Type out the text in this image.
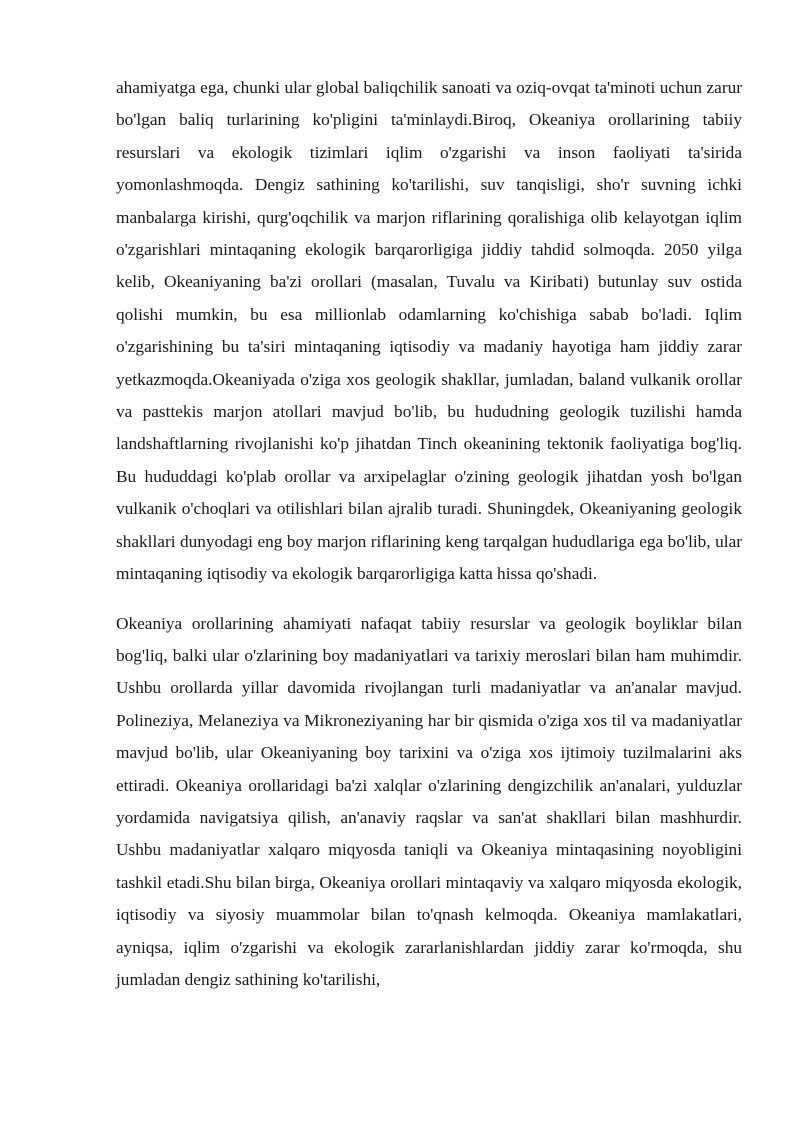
ahamiyatga ega, chunki ular global baliqchilik sanoati va oziq-ovqat ta'minoti uchun zarur bo'lgan baliq turlarining ko'pligini ta'minlaydi.Biroq, Okeaniya orollarining tabiiy resurslari va ekologik tizimlari iqlim o'zgarishi va inson faoliyati ta'sirida yomonlashmoqda. Dengiz sathining ko'tarilishi, suv tanqisligi, sho'r suvning ichki manbalarga kirishi, qurg'oqchilik va marjon riflarining qoralishiga olib kelayotgan iqlim o'zgarishlari mintaqaning ekologik barqarorligiga jiddiy tahdid solmoqda. 2050 yilga kelib, Okeaniyaning ba'zi orollari (masalan, Tuvalu va Kiribati) butunlay suv ostida qolishi mumkin, bu esa millionlab odamlarning ko'chishiga sabab bo'ladi. Iqlim o'zgarishining bu ta'siri mintaqaning iqtisodiy va madaniy hayotiga ham jiddiy zarar yetkazmoqda.Okeaniyada o'ziga xos geologik shakllar, jumladan, baland vulkanik orollar va pasttekis marjon atollari mavjud bo'lib, bu hududning geologik tuzilishi hamda landshaftlarning rivojlanishi ko'p jihatdan Tinch okeanining tektonik faoliyatiga bog'liq. Bu hududdagi ko'plab orollar va arxipelaglar o'zining geologik jihatdan yosh bo'lgan vulkanik o'choqlari va otilishlari bilan ajralib turadi. Shuningdek, Okeaniyaning geologik shakllari dunyodagi eng boy marjon riflarining keng tarqalgan hududlariga ega bo'lib, ular mintaqaning iqtisodiy va ekologik barqarorligiga katta hissa qo'shadi.

Okeaniya orollarining ahamiyati nafaqat tabiiy resurslar va geologik boyliklar bilan bog'liq, balki ular o'zlarining boy madaniyatlari va tarixiy meroslari bilan ham muhimdir. Ushbu orollarda yillar davomida rivojlangan turli madaniyatlar va an'analar mavjud. Polineziya, Melaneziya va Mikroneziyaning har bir qismida o'ziga xos til va madaniyatlar mavjud bo'lib, ular Okeaniyaning boy tarixini va o'ziga xos ijtimoiy tuzilmalarini aks ettiradi. Okeaniya orollaridagi ba'zi xalqlar o'zlarining dengizchilik an'analari, yulduzlar yordamida navigatsiya qilish, an'anaviy raqslar va san'at shakllari bilan mashhurdir. Ushbu madaniyatlar xalqaro miqyosda taniqli va Okeaniya mintaqasining noyobligini tashkil etadi.Shu bilan birga, Okeaniya orollari mintaqaviy va xalqaro miqyosda ekologik, iqtisodiy va siyosiy muammolar bilan to'qnash kelmoqda. Okeaniya mamlakatlari, ayniqsa, iqlim o'zgarishi va ekologik zararlanishlardan jiddiy zarar ko'rmoqda, shu jumladan dengiz sathining ko'tarilishi,
